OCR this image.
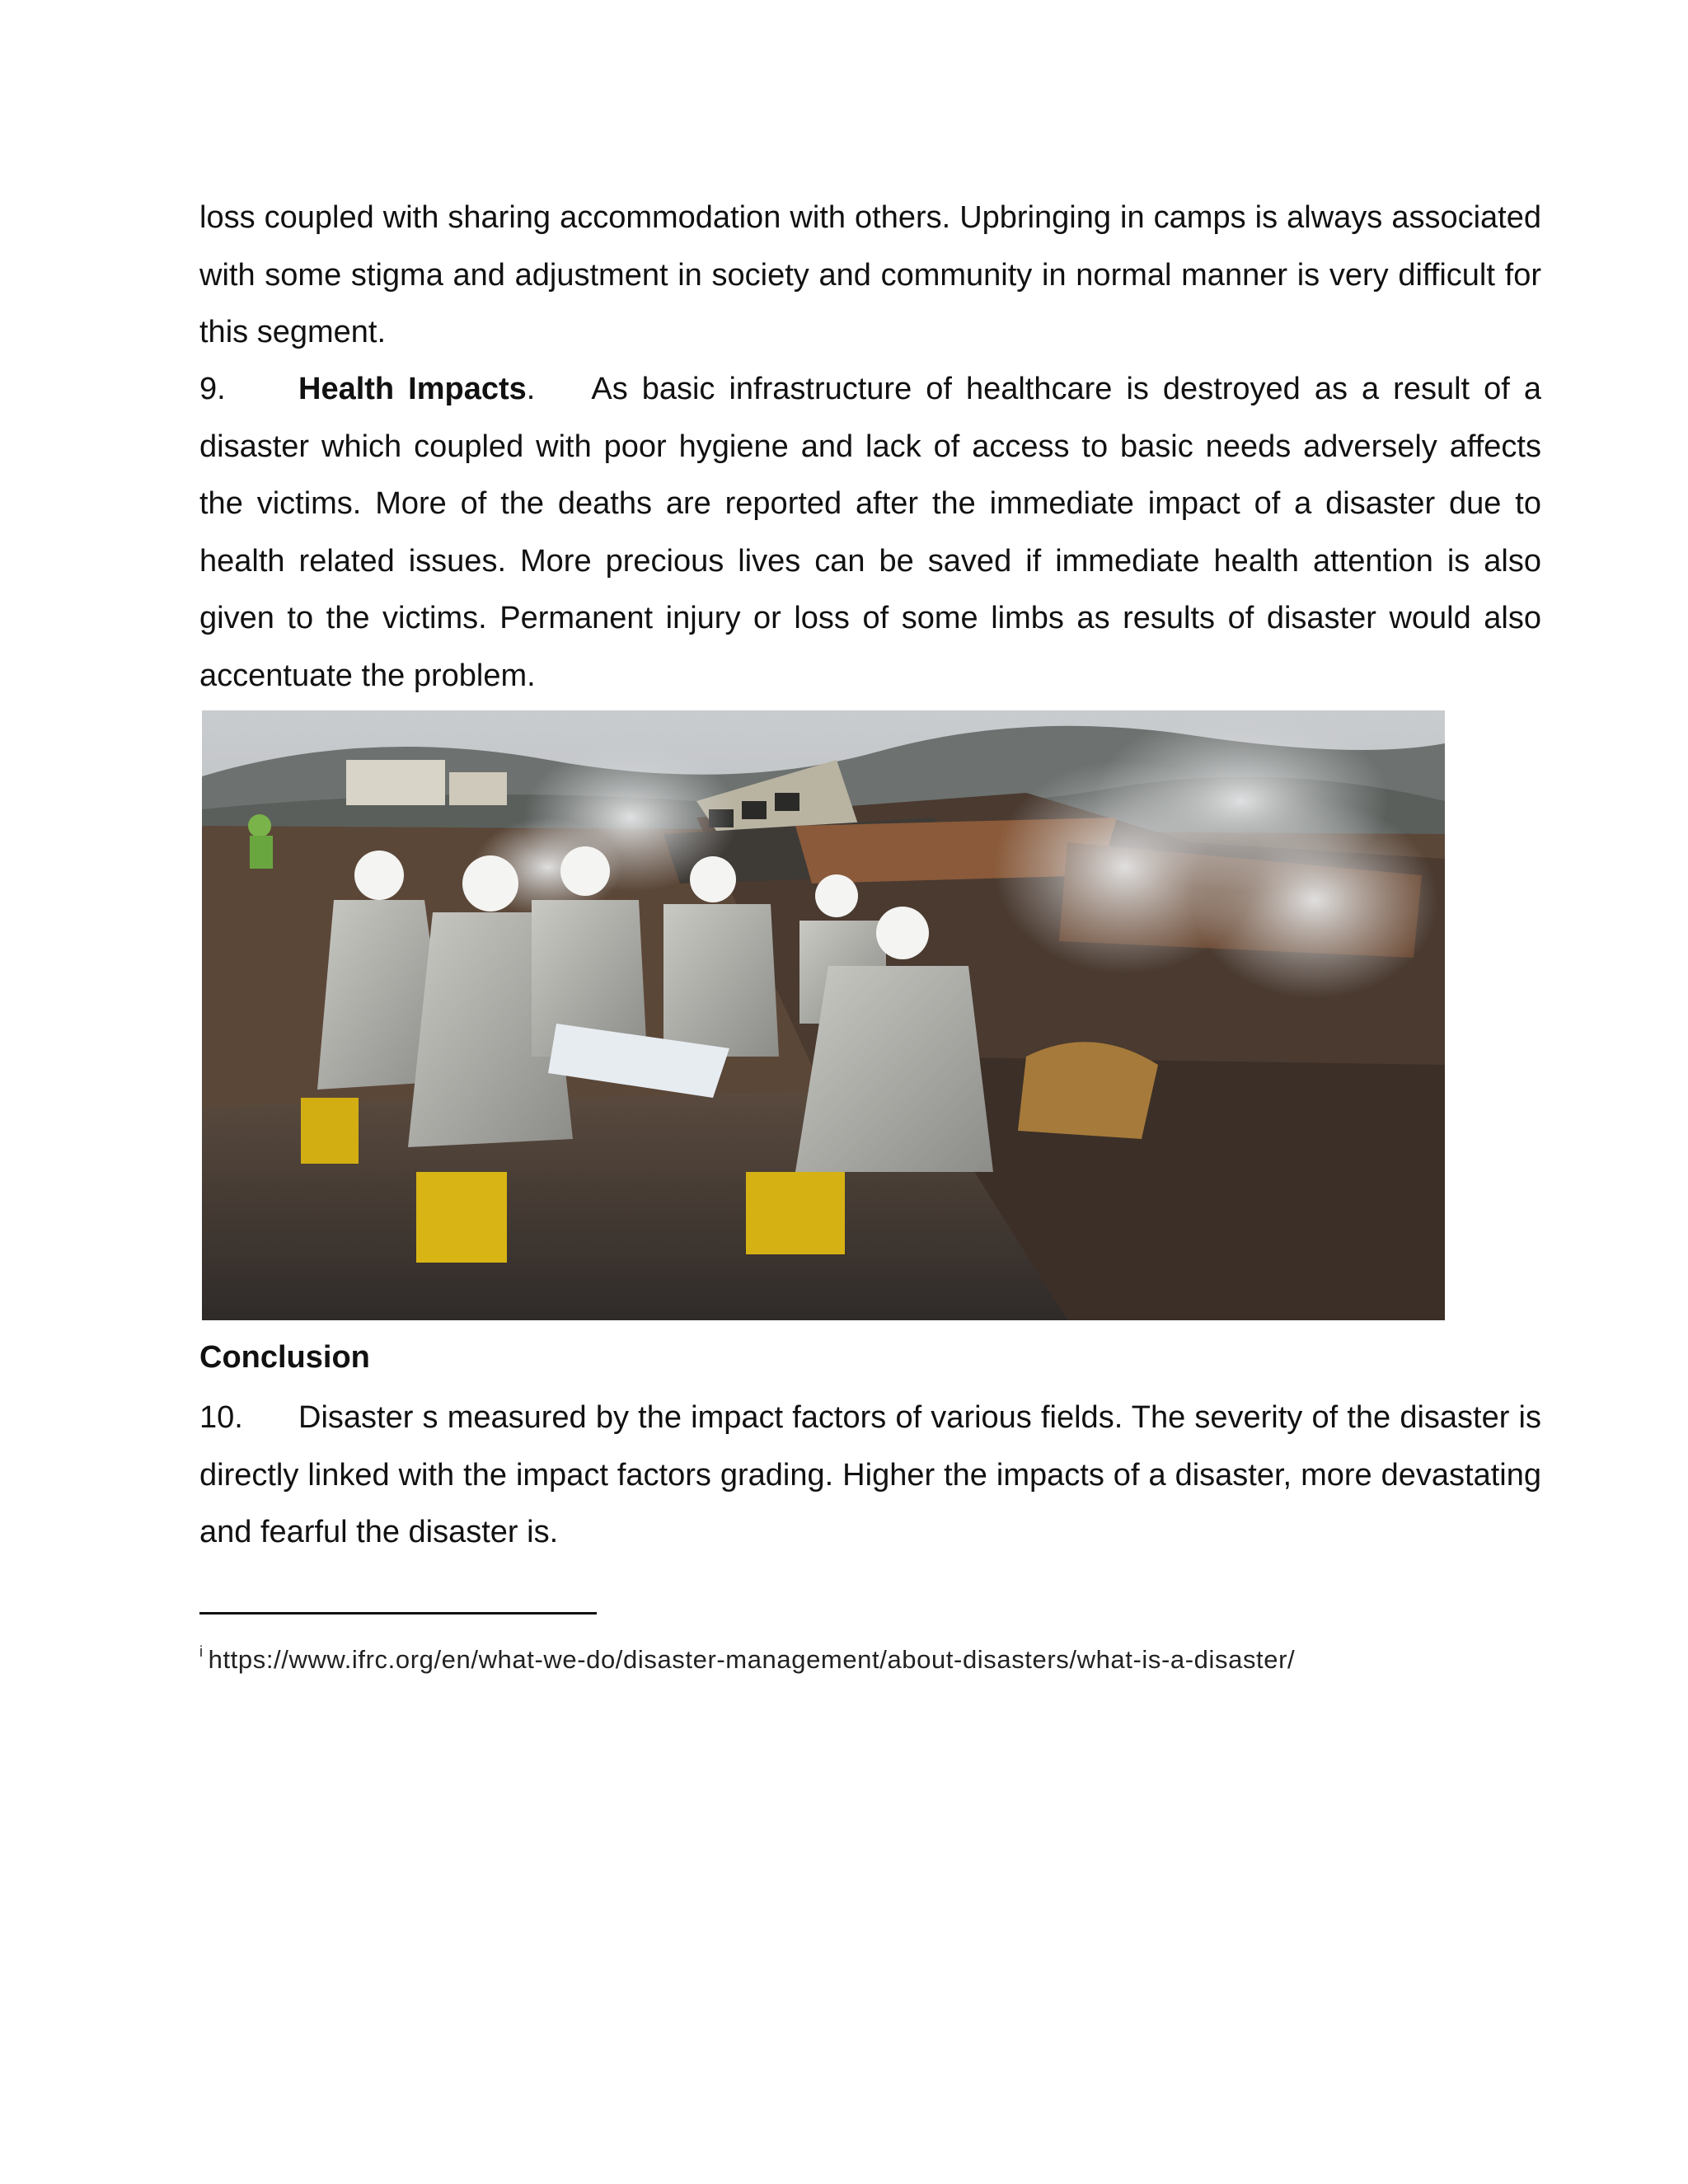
loss coupled with sharing accommodation with others. Upbringing in camps is always associated with some stigma and adjustment in society and community in normal manner is very difficult for this segment.

9. Health Impacts. As basic infrastructure of healthcare is destroyed as a result of a disaster which coupled with poor hygiene and lack of access to basic needs adversely affects the victims. More of the deaths are reported after the immediate impact of a disaster due to health related issues. More precious lives can be saved if immediate health attention is also given to the victims. Permanent injury or loss of some limbs as results of disaster would also accentuate the problem.

Conclusion

10. Disaster s measured by the impact factors of various fields. The severity of the disaster is directly linked with the impact factors grading. Higher the impacts of a disaster, more devastating and fearful the disaster is.

$^i$ https://www.ifrc.org/en/what-we-do/disaster-management/about-disasters/what-is-a-disaster/
